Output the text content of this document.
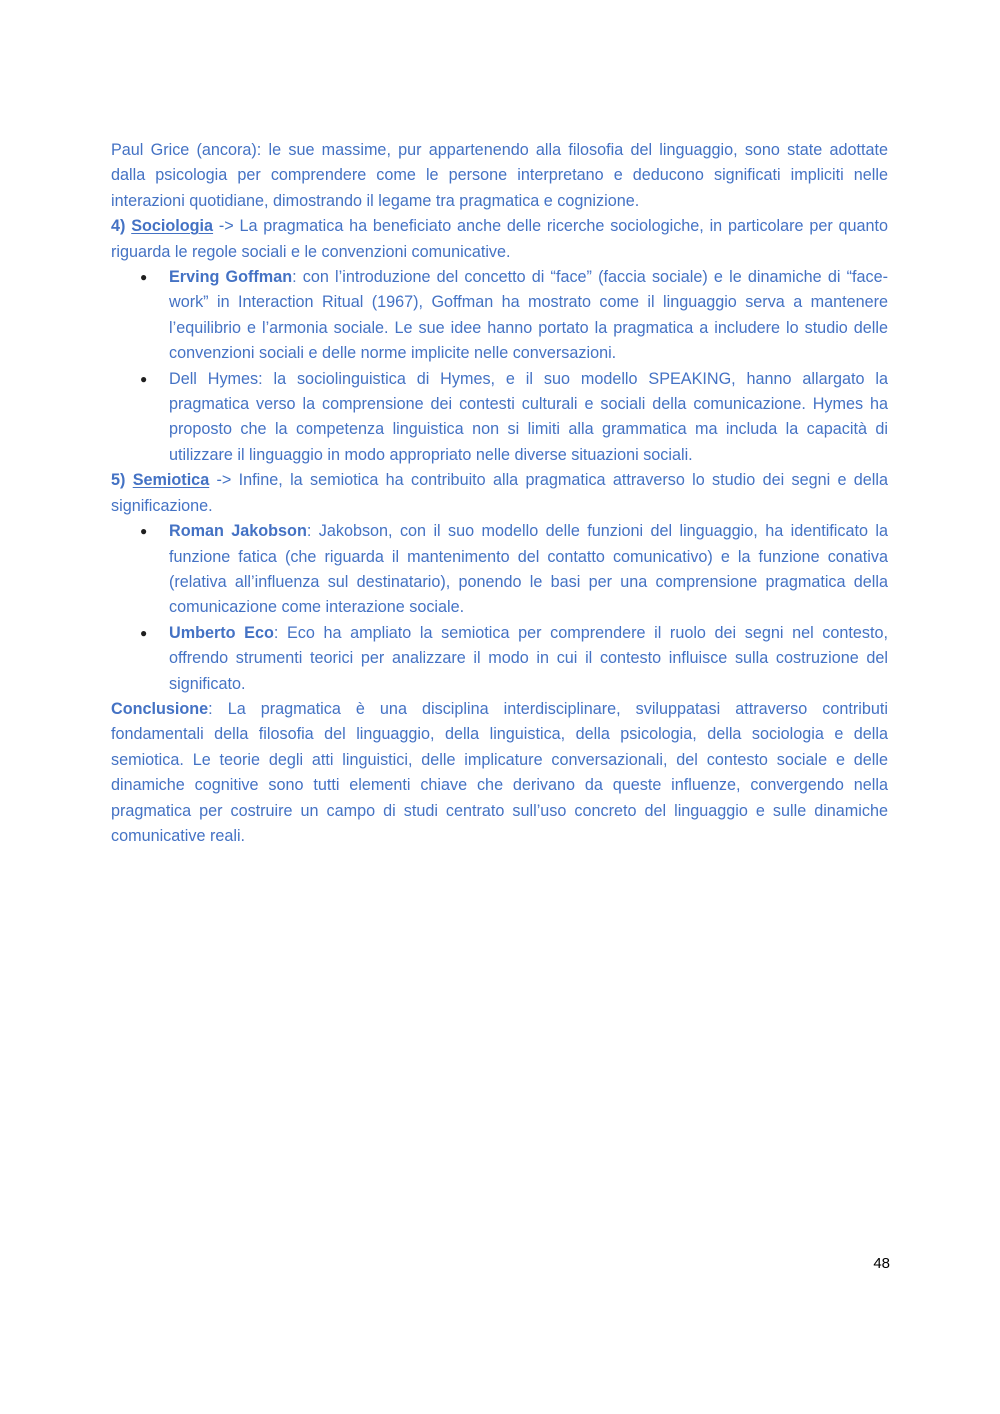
Paul Grice (ancora): le sue massime, pur appartenendo alla filosofia del linguaggio, sono state adottate dalla psicologia per comprendere come le persone interpretano e deducono significati impliciti nelle interazioni quotidiane, dimostrando il legame tra pragmatica e cognizione.

4) Sociologia -> La pragmatica ha beneficiato anche delle ricerche sociologiche, in particolare per quanto riguarda le regole sociali e le convenzioni comunicative.

● Erving Goffman: con l’introduzione del concetto di “face” (faccia sociale) e le dinamiche di “face-work” in Interaction Ritual (1967), Goffman ha mostrato come il linguaggio serva a mantenere l’equilibrio e l’armonia sociale. Le sue idee hanno portato la pragmatica a includere lo studio delle convenzioni sociali e delle norme implicite nelle conversazioni.
● Dell Hymes: la sociolinguistica di Hymes, e il suo modello SPEAKING, hanno allargato la pragmatica verso la comprensione dei contesti culturali e sociali della comunicazione. Hymes ha proposto che la competenza linguistica non si limiti alla grammatica ma includa la capacità di utilizzare il linguaggio in modo appropriato nelle diverse situazioni sociali.

5) Semiotica -> Infine, la semiotica ha contribuito alla pragmatica attraverso lo studio dei segni e della significazione.

● Roman Jakobson: Jakobson, con il suo modello delle funzioni del linguaggio, ha identificato la funzione fatica (che riguarda il mantenimento del contatto comunicativo) e la funzione conativa (relativa all’influenza sul destinatario), ponendo le basi per una comprensione pragmatica della comunicazione come interazione sociale.
● Umberto Eco: Eco ha ampliato la semiotica per comprendere il ruolo dei segni nel contesto, offrendo strumenti teorici per analizzare il modo in cui il contesto influisce sulla costruzione del significato.

Conclusione: La pragmatica è una disciplina interdisciplinare, sviluppatasi attraverso contributi fondamentali della filosofia del linguaggio, della linguistica, della psicologia, della sociologia e della semiotica. Le teorie degli atti linguistici, delle implicature conversazionali, del contesto sociale e delle dinamiche cognitive sono tutti elementi chiave che derivano da queste influenze, convergendo nella pragmatica per costruire un campo di studi centrato sull’uso concreto del linguaggio e sulle dinamiche comunicative reali.

48
